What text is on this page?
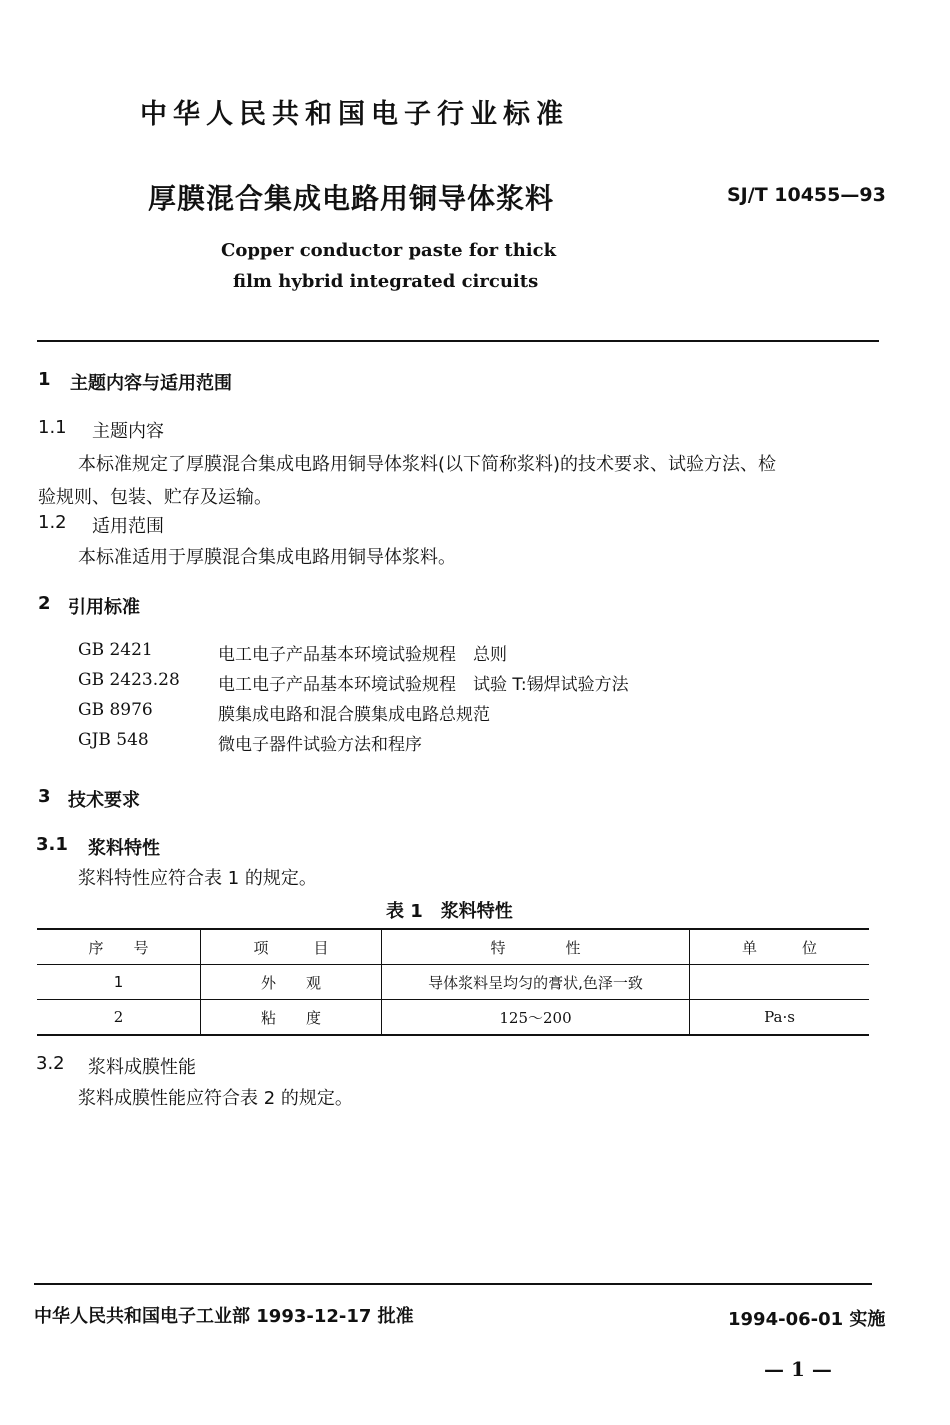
中华人民共和国电子行业标准
厚膜混合集成电路用铜导体浆料	SJ/T 10455—93
Copper conductor paste for thick
film hybrid integrated circuits
1 主题内容与适用范围
1.1 主题内容
本标准规定了厚膜混合集成电路用铜导体浆料(以下简称浆料)的技术要求、试验方法、检
验规则、包装、贮存及运输。
1.2 适用范围
本标准适用于厚膜混合集成电路用铜导体浆料。
2 引用标准
GB 2421	电工电子产品基本环境试验规程　总则
GB 2423.28 电工电子产品基本环境试验规程　试验 T:锡焊试验方法
GB 8976	膜集成电路和混合膜集成电路总规范
GJB 548	微电子器件试验方法和程序
3 技术要求
3.1 浆料特性
浆料特性应符合表 1 的规定。
表 1　浆料特性
序　　号	项　　　目	特　　　　性	单　　　位
1	外　　观	导体浆料呈均匀的膏状,色泽一致	
2	粘　　度	125～200	Pa·s
3.2 浆料成膜性能
浆料成膜性能应符合表 2 的规定。
中华人民共和国电子工业部 1993-12-17 批准	1994-06-01 实施
— 1 —
